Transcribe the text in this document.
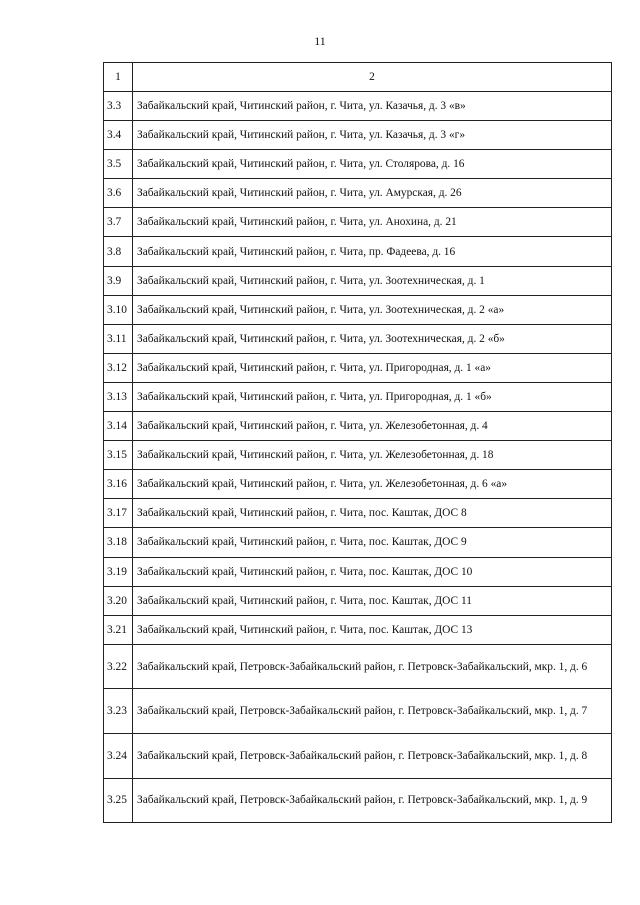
11
1	2
3.3	Забайкальский край, Читинский район, г. Чита, ул. Казачья, д. 3 «в»
3.4	Забайкальский край, Читинский район, г. Чита, ул. Казачья, д. 3 «г»
3.5	Забайкальский край, Читинский район, г. Чита, ул. Столярова, д. 16
3.6	Забайкальский край, Читинский район, г. Чита, ул. Амурская, д. 26
3.7	Забайкальский край, Читинский район, г. Чита, ул. Анохина, д. 21
3.8	Забайкальский край, Читинский район, г. Чита, пр. Фадеева, д. 16
3.9	Забайкальский край, Читинский район, г. Чита, ул. Зоотехническая, д. 1
3.10	Забайкальский край, Читинский район, г. Чита, ул. Зоотехническая, д. 2 «а»
3.11	Забайкальский край, Читинский район, г. Чита, ул. Зоотехническая, д. 2 «б»
3.12	Забайкальский край, Читинский район, г. Чита, ул. Пригородная, д. 1 «а»
3.13	Забайкальский край, Читинский район, г. Чита, ул. Пригородная, д. 1 «б»
3.14	Забайкальский край, Читинский район, г. Чита, ул. Железобетонная, д. 4
3.15	Забайкальский край, Читинский район, г. Чита, ул. Железобетонная, д. 18
3.16	Забайкальский край, Читинский район, г. Чита, ул. Железобетонная, д. 6 «а»
3.17	Забайкальский край, Читинский район, г. Чита, пос. Каштак, ДОС 8
3.18	Забайкальский край, Читинский район, г. Чита, пос. Каштак, ДОС 9
3.19	Забайкальский край, Читинский район, г. Чита, пос. Каштак, ДОС 10
3.20	Забайкальский край, Читинский район, г. Чита, пос. Каштак, ДОС 11
3.21	Забайкальский край, Читинский район, г. Чита, пос. Каштак, ДОС 13
3.22	Забайкальский край, Петровск-Забайкальский район, г. Петровск-Забайкальский, мкр. 1, д. 6
3.23	Забайкальский край, Петровск-Забайкальский район, г. Петровск-Забайкальский, мкр. 1, д. 7
3.24	Забайкальский край, Петровск-Забайкальский район, г. Петровск-Забайкальский, мкр. 1, д. 8
3.25	Забайкальский край, Петровск-Забайкальский район, г. Петровск-Забайкальский, мкр. 1, д. 9
